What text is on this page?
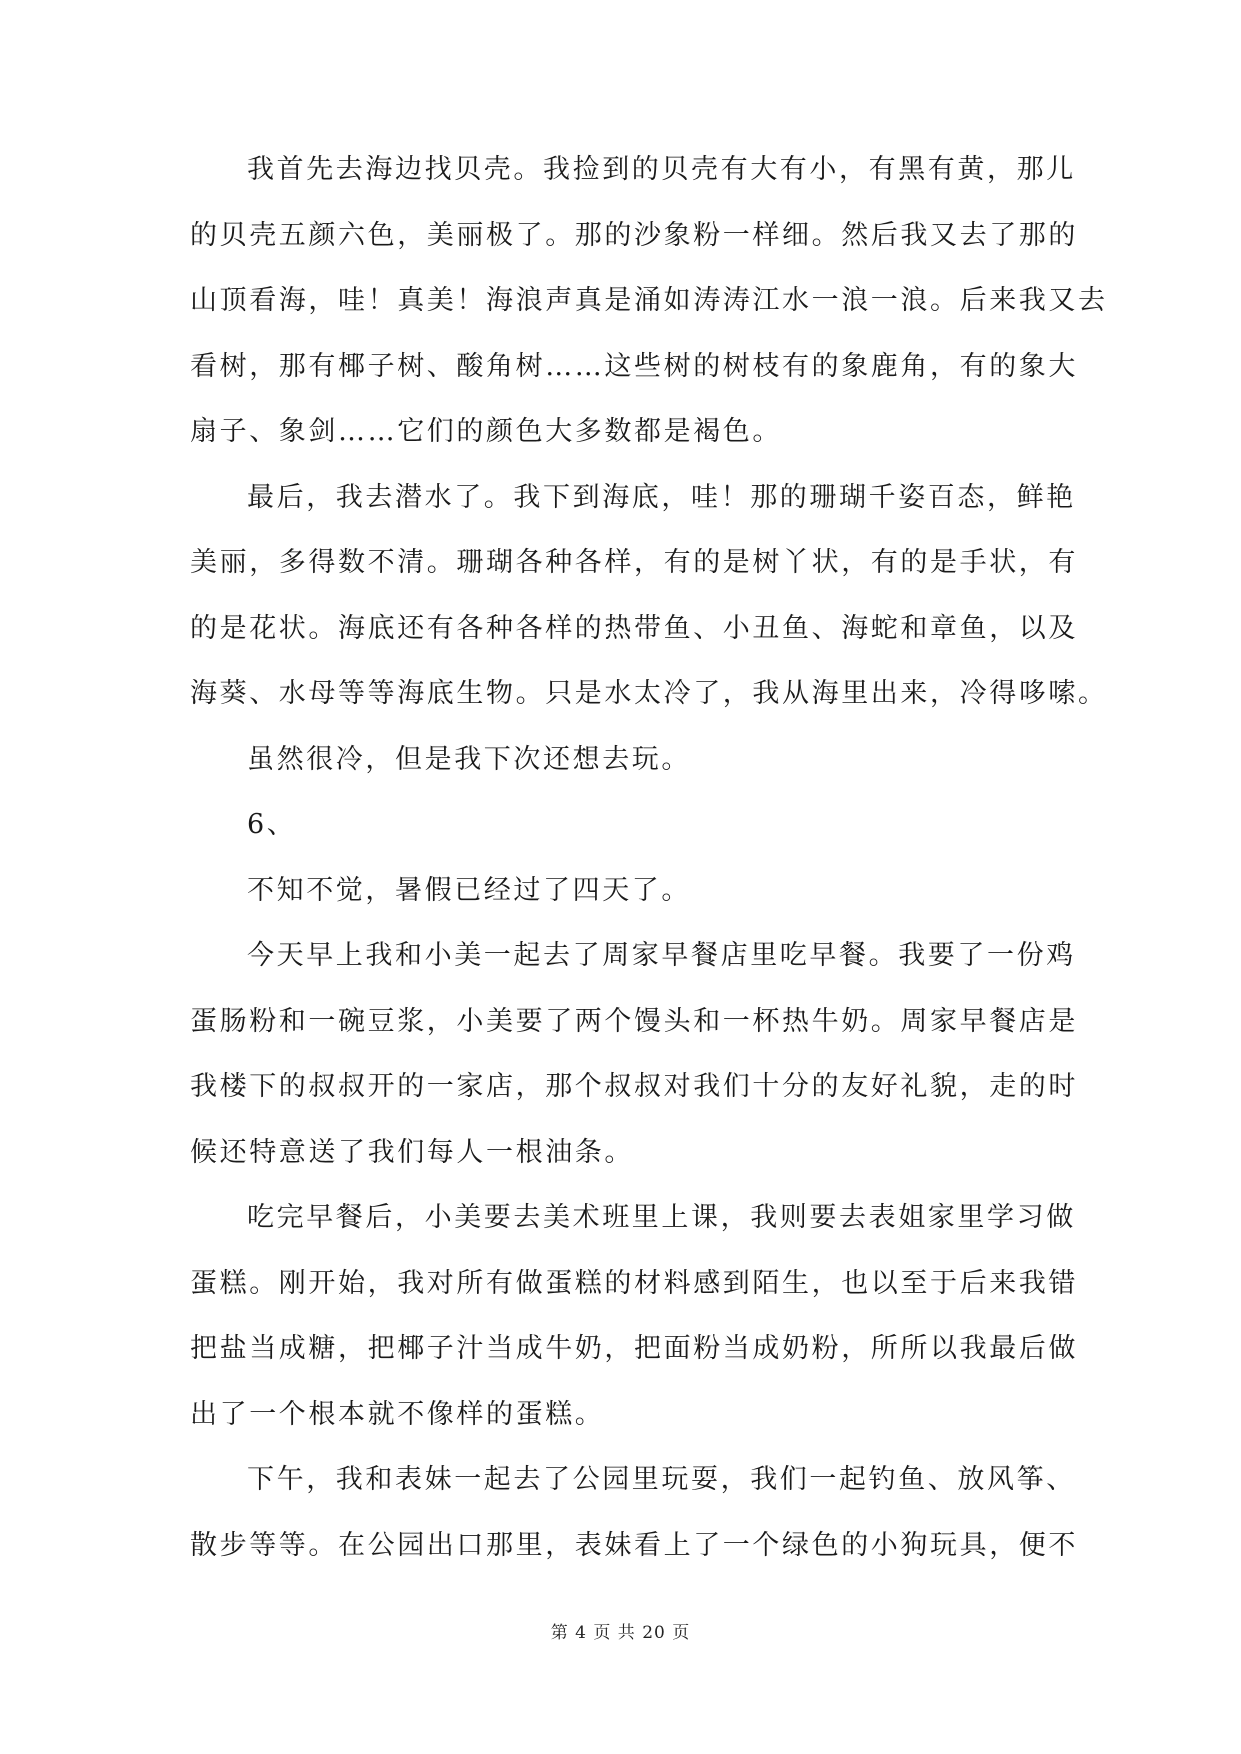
我首先去海边找贝壳。我捡到的贝壳有大有小，有黑有黄，那儿
的贝壳五颜六色，美丽极了。那的沙象粉一样细。然后我又去了那的
山顶看海，哇！真美！海浪声真是涌如涛涛江水一浪一浪。后来我又去
看树，那有椰子树、酸角树……这些树的树枝有的象鹿角，有的象大
扇子、象剑……它们的颜色大多数都是褐色。
最后，我去潜水了。我下到海底，哇！那的珊瑚千姿百态，鲜艳
美丽，多得数不清。珊瑚各种各样，有的是树丫状，有的是手状，有
的是花状。海底还有各种各样的热带鱼、小丑鱼、海蛇和章鱼，以及
海葵、水母等等海底生物。只是水太冷了，我从海里出来，冷得哆嗦。
虽然很冷，但是我下次还想去玩。
6、
不知不觉，暑假已经过了四天了。
今天早上我和小美一起去了周家早餐店里吃早餐。我要了一份鸡
蛋肠粉和一碗豆浆，小美要了两个馒头和一杯热牛奶。周家早餐店是
我楼下的叔叔开的一家店，那个叔叔对我们十分的友好礼貌，走的时
候还特意送了我们每人一根油条。
吃完早餐后，小美要去美术班里上课，我则要去表姐家里学习做
蛋糕。刚开始，我对所有做蛋糕的材料感到陌生，也以至于后来我错
把盐当成糖，把椰子汁当成牛奶，把面粉当成奶粉，所所以我最后做
出了一个根本就不像样的蛋糕。
下午，我和表妹一起去了公园里玩耍，我们一起钓鱼、放风筝、
散步等等。在公园出口那里，表妹看上了一个绿色的小狗玩具，便不
第 4 页 共 20 页
